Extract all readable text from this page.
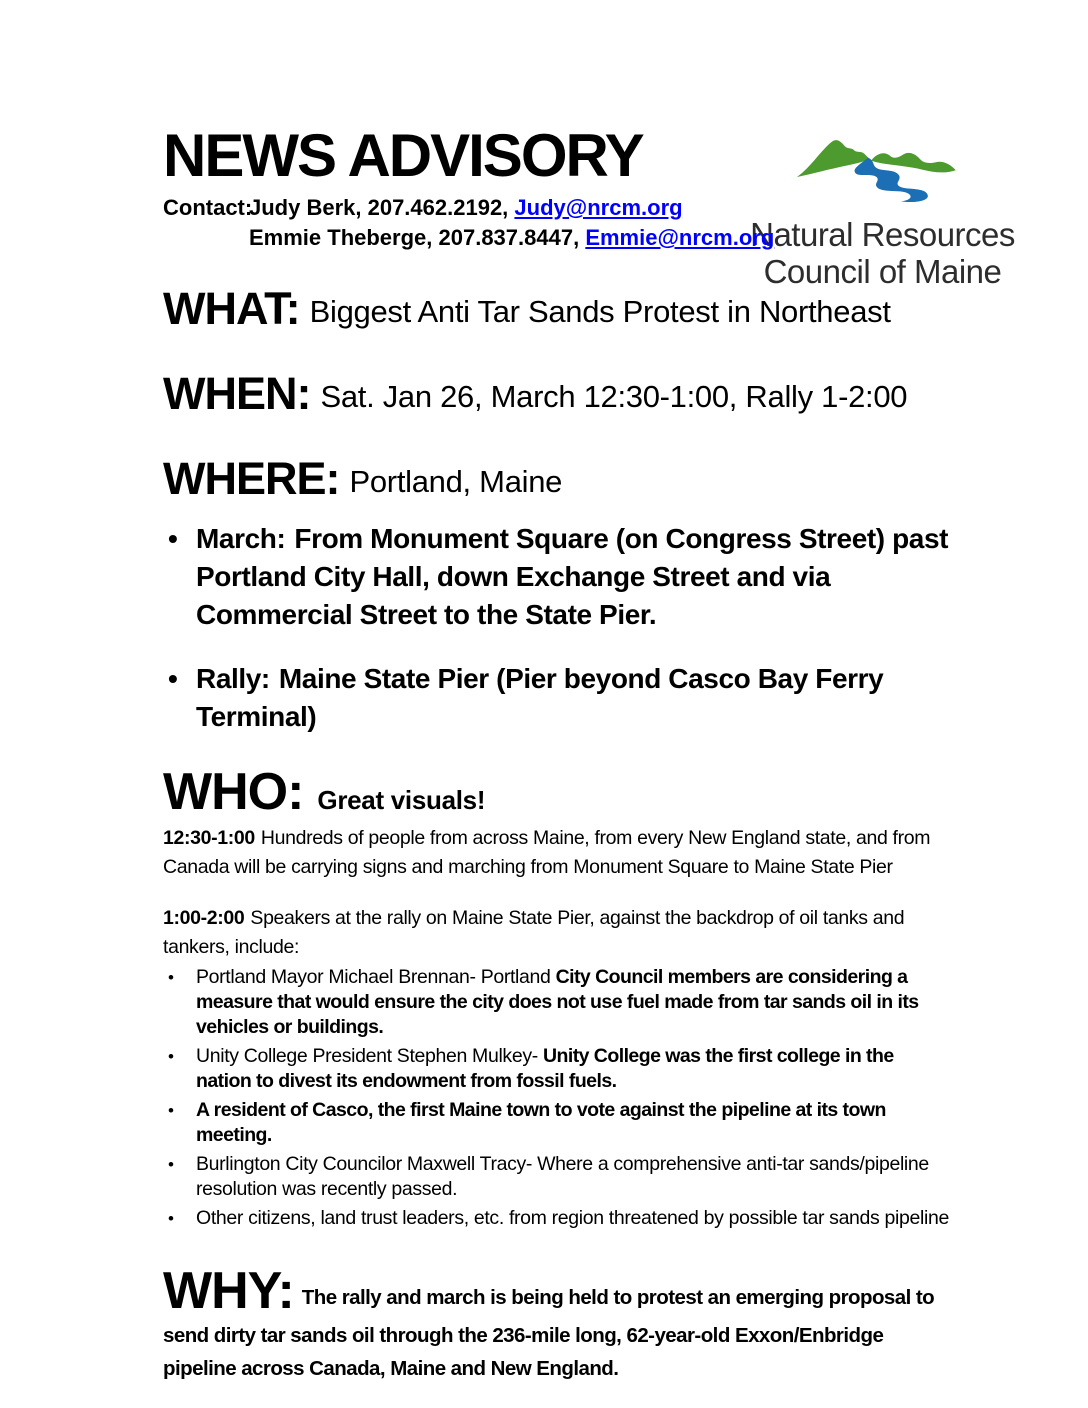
Natural Resources
Council of Maine
NEWS ADVISORY
Contact:
Judy Berk, 207.462.2192, Judy@nrcm.org
Emmie Theberge, 207.837.8447, Emmie@nrcm.org
WHAT: Biggest Anti Tar Sands Protest in Northeast
WHEN: Sat. Jan 26, March 12:30-1:00, Rally 1-2:00
WHERE: Portland, Maine
• March: From Monument Square (on Congress Street) past Portland City Hall, down Exchange Street and via Commercial Street to the State Pier.
• Rally: Maine State Pier (Pier beyond Casco Bay Ferry Terminal)
WHO: Great visuals!

12:30-1:00 Hundreds of people from across Maine, from every New England state, and from Canada will be carrying signs and marching from Monument Square to Maine State Pier

1:00-2:00 Speakers at the rally on Maine State Pier, against the backdrop of oil tanks and tankers, include:

• Portland Mayor Michael Brennan- Portland City Council members are considering a measure that would ensure the city does not use fuel made from tar sands oil in its vehicles or buildings.
• Unity College President Stephen Mulkey- Unity College was the first college in the nation to divest its endowment from fossil fuels.
• A resident of Casco, the first Maine town to vote against the pipeline at its town meeting.
• Burlington City Councilor Maxwell Tracy- Where a comprehensive anti-tar sands/pipeline resolution was recently passed.
• Other citizens, land trust leaders, etc. from region threatened by possible tar sands pipeline

WHY: The rally and march is being held to protest an emerging proposal to send dirty tar sands oil through the 236-mile long, 62-year-old Exxon/Enbridge pipeline across Canada, Maine and New England.
